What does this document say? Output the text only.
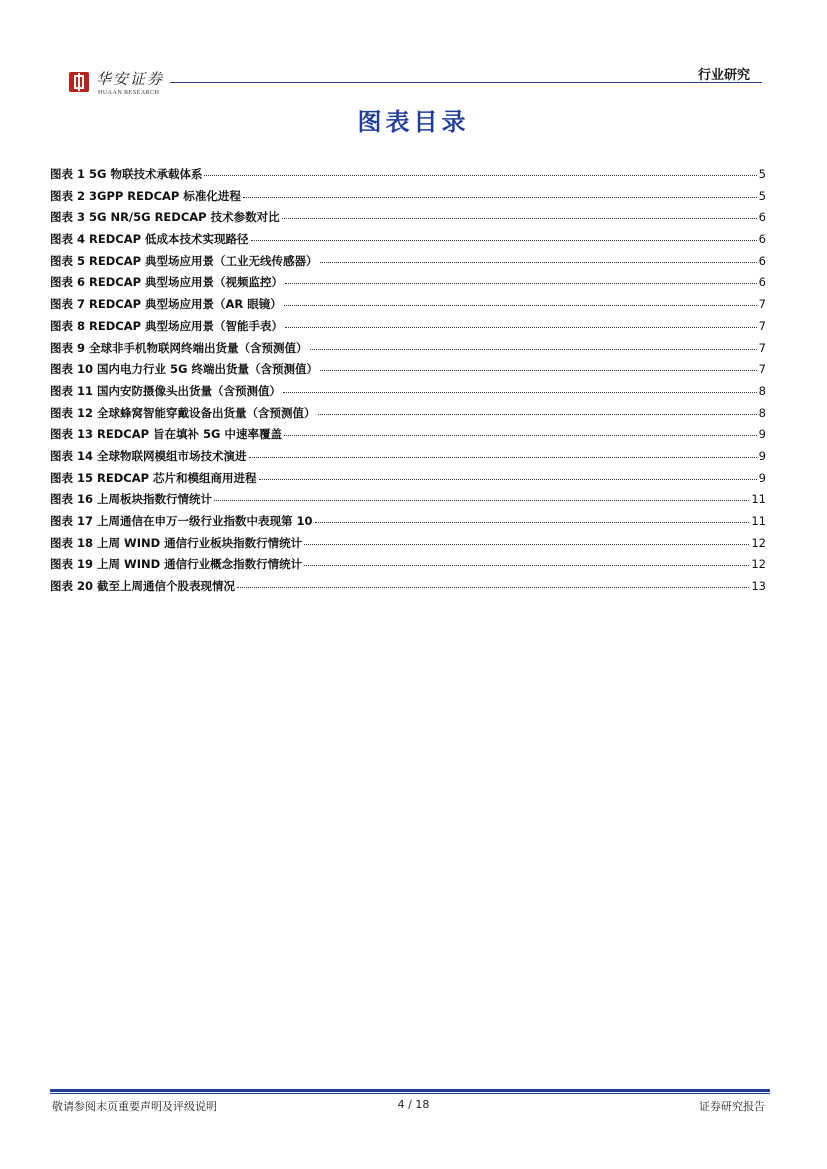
华安证券
HUAAN RESEARCH
行业研究
图表目录
图表 1 5G 物联技术承载体系	5
图表 2 3GPP REDCAP 标准化进程	5
图表 3 5G NR/5G REDCAP 技术参数对比	6
图表 4 REDCAP 低成本技术实现路径	6
图表 5 REDCAP 典型场应用景（工业无线传感器）	6
图表 6 REDCAP 典型场应用景（视频监控）	6
图表 7 REDCAP 典型场应用景（AR 眼镜）	7
图表 8 REDCAP 典型场应用景（智能手表）	7
图表 9 全球非手机物联网终端出货量（含预测值）	7
图表 10 国内电力行业 5G 终端出货量（含预测值）	7
图表 11 国内安防摄像头出货量（含预测值）	8
图表 12 全球蜂窝智能穿戴设备出货量（含预测值）	8
图表 13 REDCAP 旨在填补 5G 中速率覆盖	9
图表 14 全球物联网模组市场技术演进	9
图表 15 REDCAP 芯片和模组商用进程	9
图表 16 上周板块指数行情统计	11
图表 17 上周通信在申万一级行业指数中表现第 10	11
图表 18 上周 WIND 通信行业板块指数行情统计	12
图表 19 上周 WIND 通信行业概念指数行情统计	12
图表 20 截至上周通信个股表现情况	13
敬请参阅末页重要声明及评级说明	4 / 18	证券研究报告
